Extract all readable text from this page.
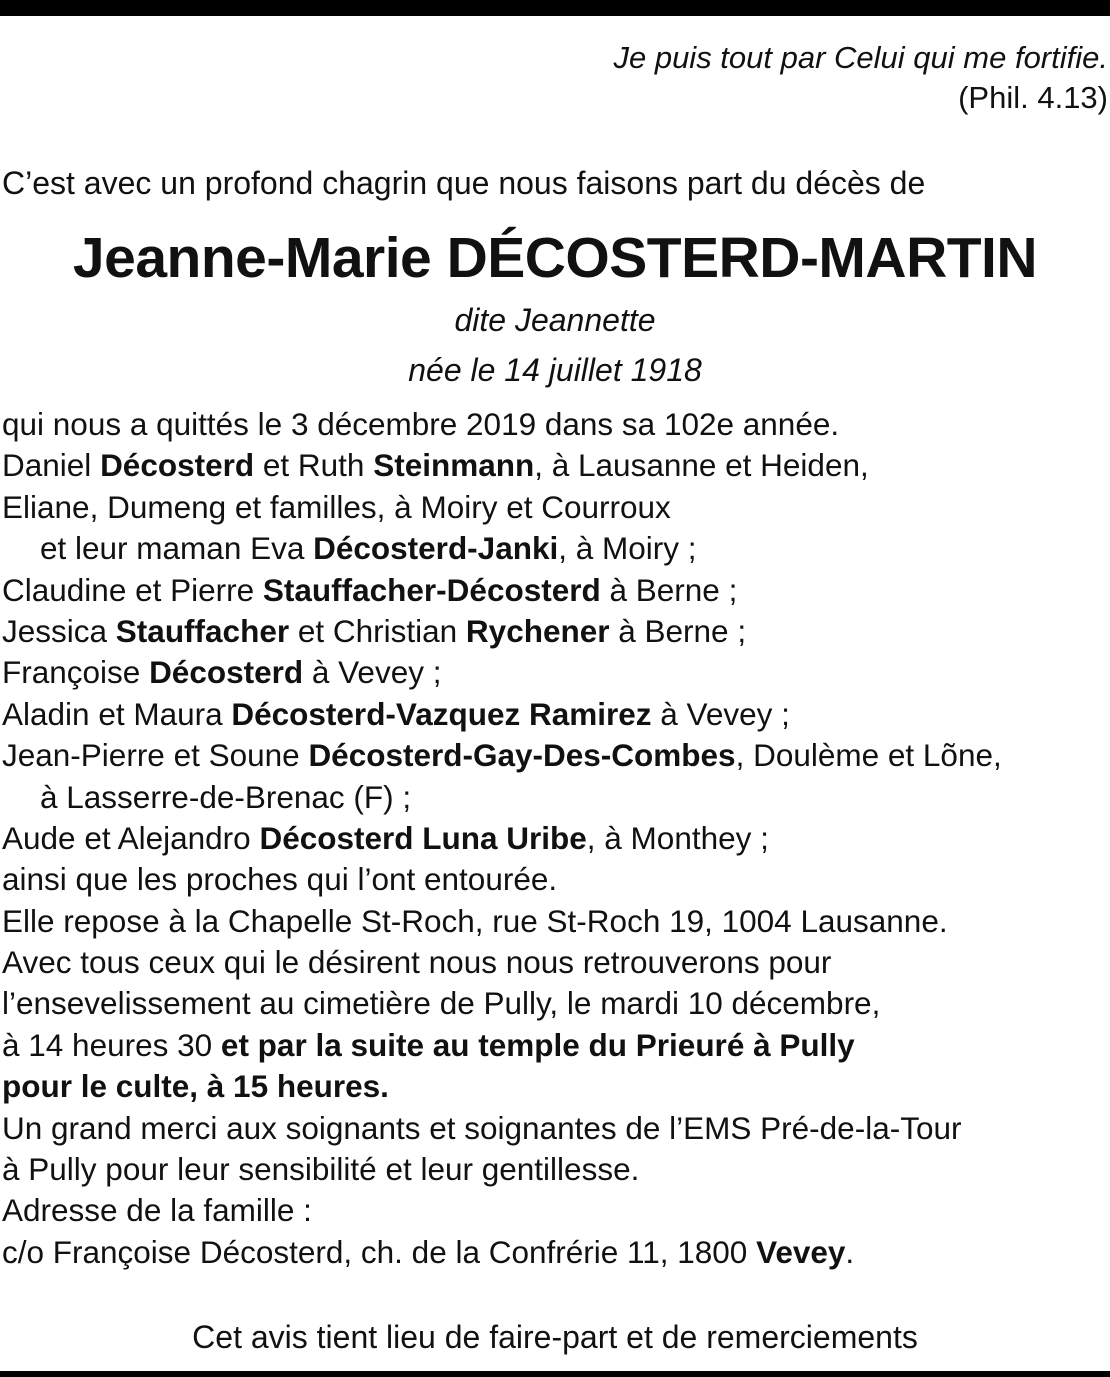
Je puis tout par Celui qui me fortifie.
(Phil. 4.13)
C’est avec un profond chagrin que nous faisons part du décès de
Jeanne-Marie DÉCOSTERD-MARTIN
dite Jeannette
née le 14 juillet 1918
qui nous a quittés le 3 décembre 2019 dans sa 102e année.
Daniel Décosterd et Ruth Steinmann, à Lausanne et Heiden,
Eliane, Dumeng et familles, à Moiry et Courroux
et leur maman Eva Décosterd-Janki, à Moiry ;
Claudine et Pierre Stauffacher-Décosterd à Berne ;
Jessica Stauffacher et Christian Rychener à Berne ;
Françoise Décosterd à Vevey ;
Aladin et Maura Décosterd-Vazquez Ramirez à Vevey ;
Jean-Pierre et Soune Décosterd-Gay-Des-Combes, Doulème et Lõne,
à Lasserre-de-Brenac (F) ;
Aude et Alejandro Décosterd Luna Uribe, à Monthey ;
ainsi que les proches qui l’ont entourée.
Elle repose à la Chapelle St-Roch, rue St-Roch 19, 1004 Lausanne.
Avec tous ceux qui le désirent nous nous retrouverons pour
l’ensevelissement au cimetière de Pully, le mardi 10 décembre,
à 14 heures 30 et par la suite au temple du Prieuré à Pully
pour le culte, à 15 heures.
Un grand merci aux soignants et soignantes de l’EMS Pré-de-la-Tour
à Pully pour leur sensibilité et leur gentillesse.
Adresse de la famille :
c/o Françoise Décosterd, ch. de la Confrérie 11, 1800 Vevey.
Cet avis tient lieu de faire-part et de remerciements
